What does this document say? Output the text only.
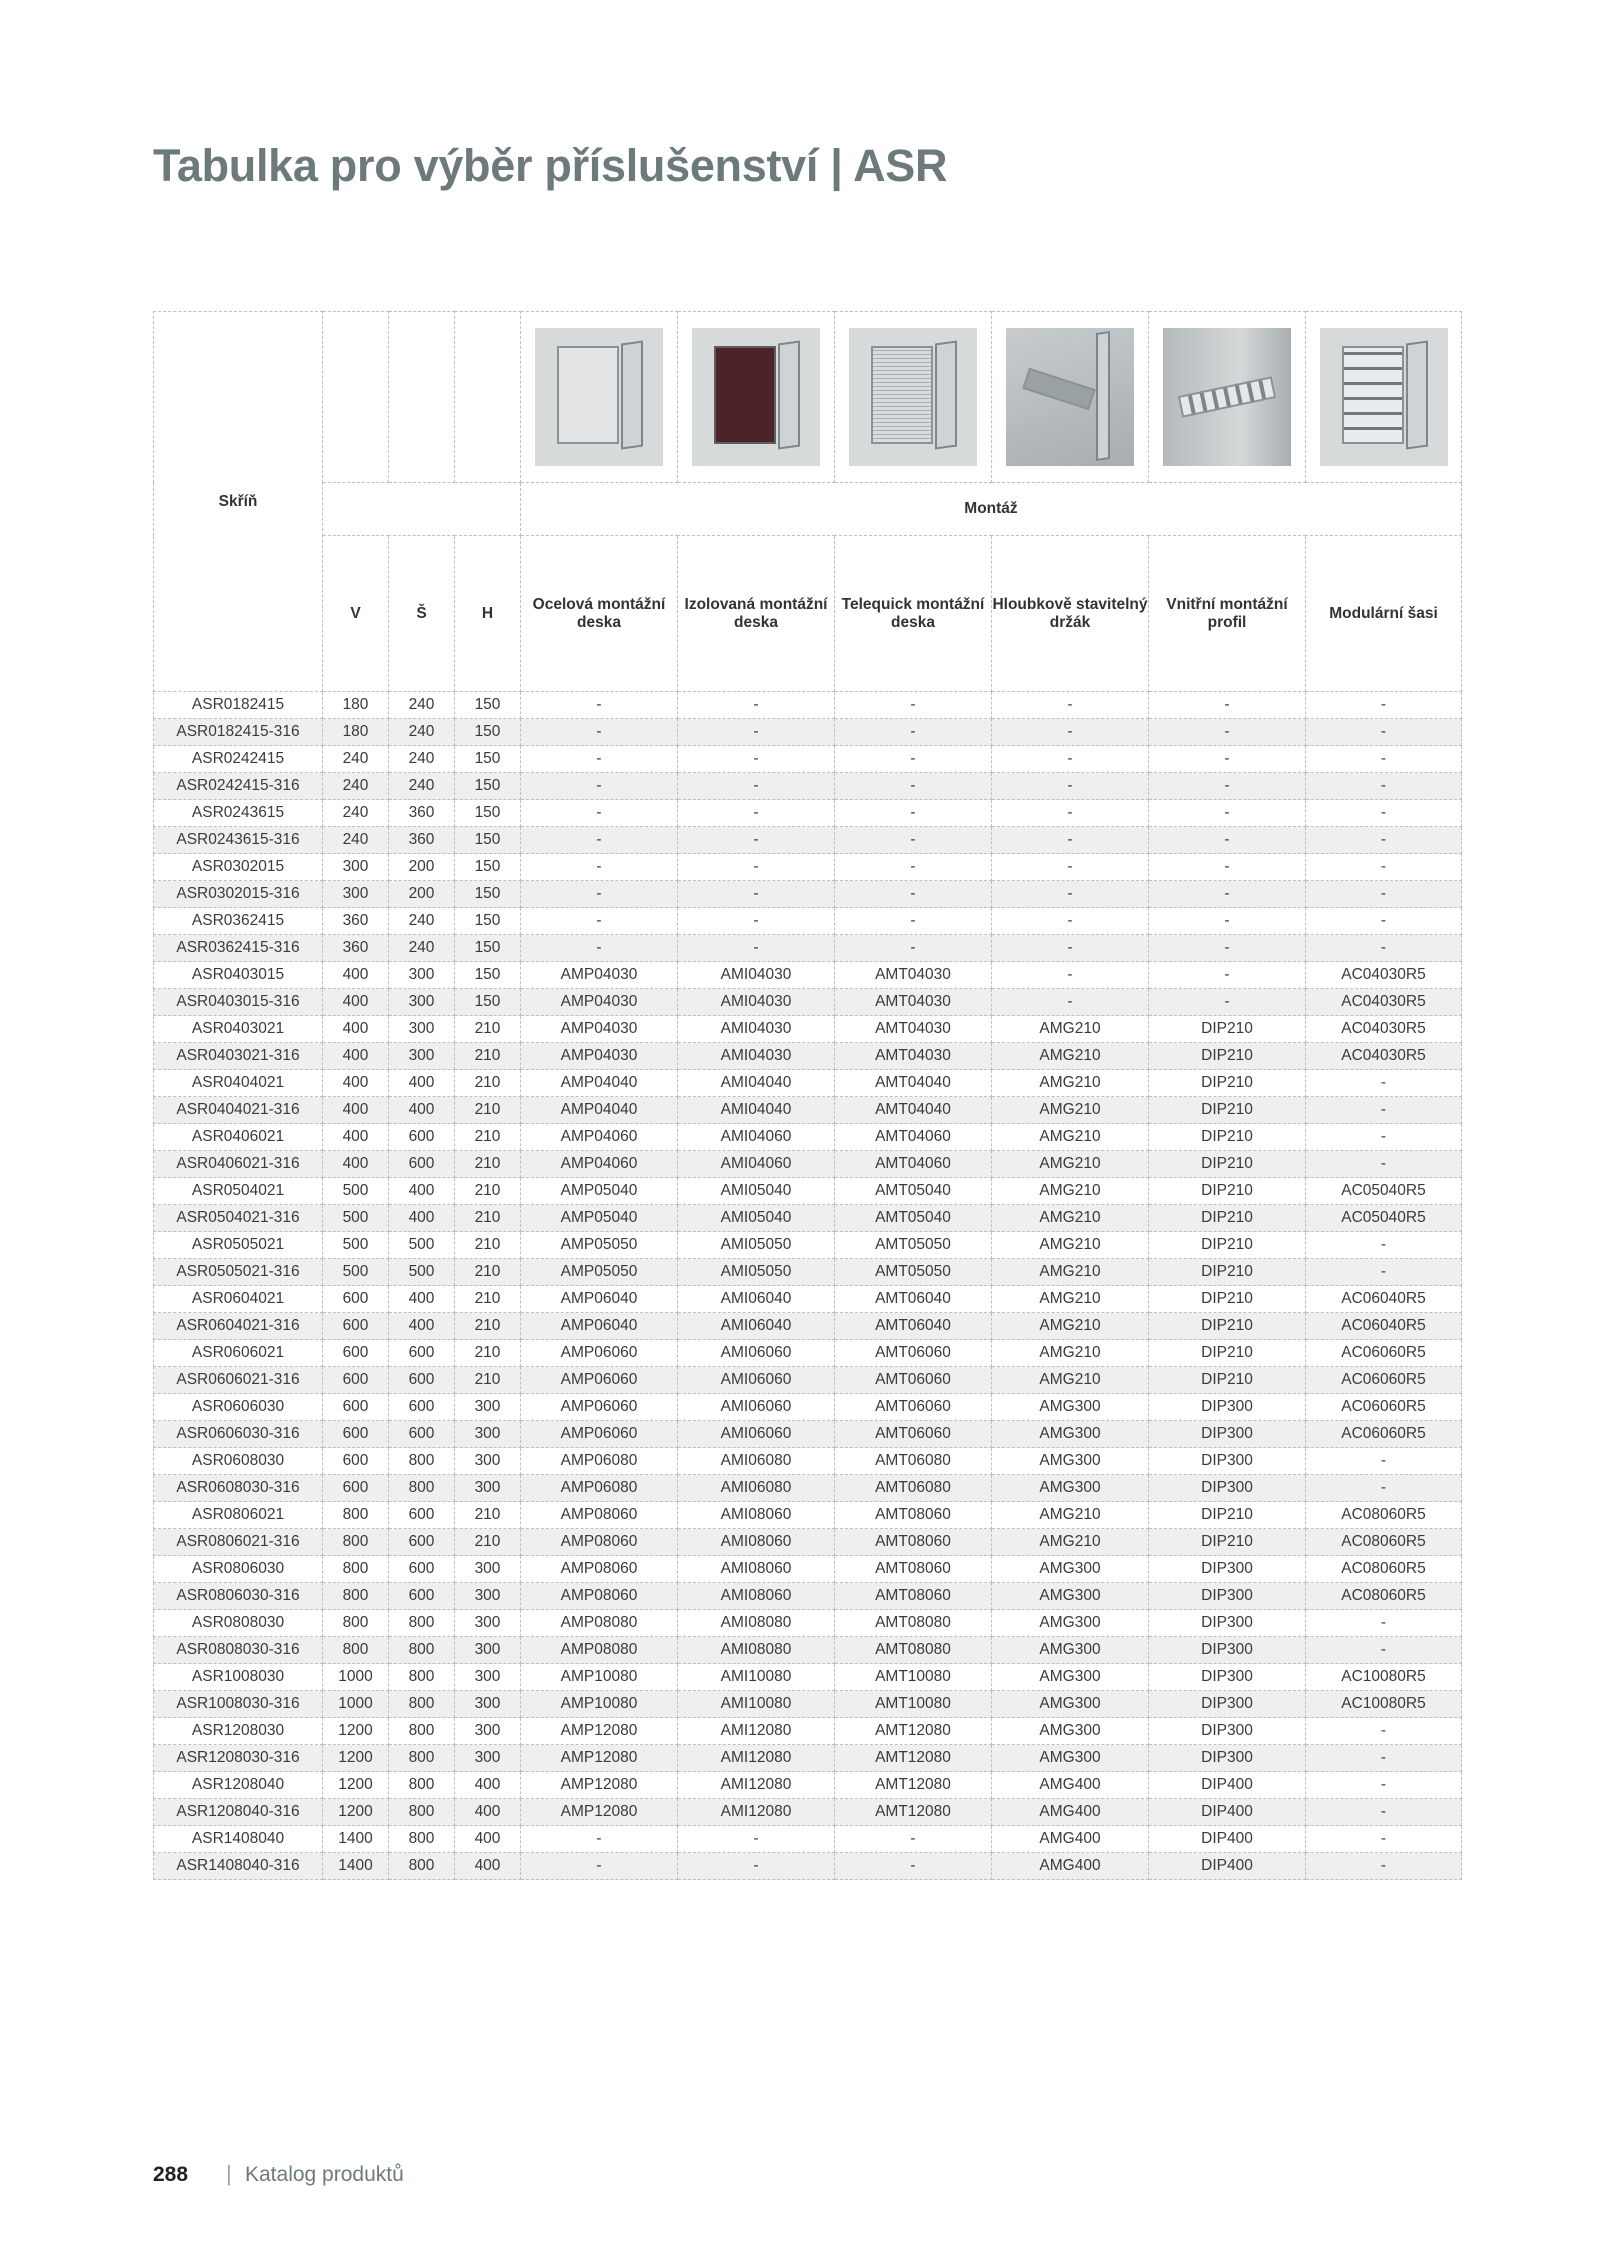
Tabulka pro výběr příslušenství | ASR
Skříň				

				Montáž					
	V	Š	H	Ocelová montážní deska	Izolovaná montážní deska	Telequick montážní deska	Hloubkově stavitelný držák	Vnitřní montážní profil	Modulární šasi
ASR0182415	180	240	150	-	-	-	-	-	-
ASR0182415-316	180	240	150	-	-	-	-	-	-
ASR0242415	240	240	150	-	-	-	-	-	-
ASR0242415-316	240	240	150	-	-	-	-	-	-
ASR0243615	240	360	150	-	-	-	-	-	-
ASR0243615-316	240	360	150	-	-	-	-	-	-
ASR0302015	300	200	150	-	-	-	-	-	-
ASR0302015-316	300	200	150	-	-	-	-	-	-
ASR0362415	360	240	150	-	-	-	-	-	-
ASR0362415-316	360	240	150	-	-	-	-	-	-
ASR0403015	400	300	150	AMP04030	AMI04030	AMT04030	-	-	AC04030R5
ASR0403015-316	400	300	150	AMP04030	AMI04030	AMT04030	-	-	AC04030R5
ASR0403021	400	300	210	AMP04030	AMI04030	AMT04030	AMG210	DIP210	AC04030R5
ASR0403021-316	400	300	210	AMP04030	AMI04030	AMT04030	AMG210	DIP210	AC04030R5
ASR0404021	400	400	210	AMP04040	AMI04040	AMT04040	AMG210	DIP210	-
ASR0404021-316	400	400	210	AMP04040	AMI04040	AMT04040	AMG210	DIP210	-
ASR0406021	400	600	210	AMP04060	AMI04060	AMT04060	AMG210	DIP210	-
ASR0406021-316	400	600	210	AMP04060	AMI04060	AMT04060	AMG210	DIP210	-
ASR0504021	500	400	210	AMP05040	AMI05040	AMT05040	AMG210	DIP210	AC05040R5
ASR0504021-316	500	400	210	AMP05040	AMI05040	AMT05040	AMG210	DIP210	AC05040R5
ASR0505021	500	500	210	AMP05050	AMI05050	AMT05050	AMG210	DIP210	-
ASR0505021-316	500	500	210	AMP05050	AMI05050	AMT05050	AMG210	DIP210	-
ASR0604021	600	400	210	AMP06040	AMI06040	AMT06040	AMG210	DIP210	AC06040R5
ASR0604021-316	600	400	210	AMP06040	AMI06040	AMT06040	AMG210	DIP210	AC06040R5
ASR0606021	600	600	210	AMP06060	AMI06060	AMT06060	AMG210	DIP210	AC06060R5
ASR0606021-316	600	600	210	AMP06060	AMI06060	AMT06060	AMG210	DIP210	AC06060R5
ASR0606030	600	600	300	AMP06060	AMI06060	AMT06060	AMG300	DIP300	AC06060R5
ASR0606030-316	600	600	300	AMP06060	AMI06060	AMT06060	AMG300	DIP300	AC06060R5
ASR0608030	600	800	300	AMP06080	AMI06080	AMT06080	AMG300	DIP300	-
ASR0608030-316	600	800	300	AMP06080	AMI06080	AMT06080	AMG300	DIP300	-
ASR0806021	800	600	210	AMP08060	AMI08060	AMT08060	AMG210	DIP210	AC08060R5
ASR0806021-316	800	600	210	AMP08060	AMI08060	AMT08060	AMG210	DIP210	AC08060R5
ASR0806030	800	600	300	AMP08060	AMI08060	AMT08060	AMG300	DIP300	AC08060R5
ASR0806030-316	800	600	300	AMP08060	AMI08060	AMT08060	AMG300	DIP300	AC08060R5
ASR0808030	800	800	300	AMP08080	AMI08080	AMT08080	AMG300	DIP300	-
ASR0808030-316	800	800	300	AMP08080	AMI08080	AMT08080	AMG300	DIP300	-
ASR1008030	1000	800	300	AMP10080	AMI10080	AMT10080	AMG300	DIP300	AC10080R5
ASR1008030-316	1000	800	300	AMP10080	AMI10080	AMT10080	AMG300	DIP300	AC10080R5
ASR1208030	1200	800	300	AMP12080	AMI12080	AMT12080	AMG300	DIP300	-
ASR1208030-316	1200	800	300	AMP12080	AMI12080	AMT12080	AMG300	DIP300	-
ASR1208040	1200	800	400	AMP12080	AMI12080	AMT12080	AMG400	DIP400	-
ASR1208040-316	1200	800	400	AMP12080	AMI12080	AMT12080	AMG400	DIP400	-
ASR1408040	1400	800	400	-	-	-	AMG400	DIP400	-
ASR1408040-316	1400	800	400	-	-	-	AMG400	DIP400	-
288 | Katalog produktů
